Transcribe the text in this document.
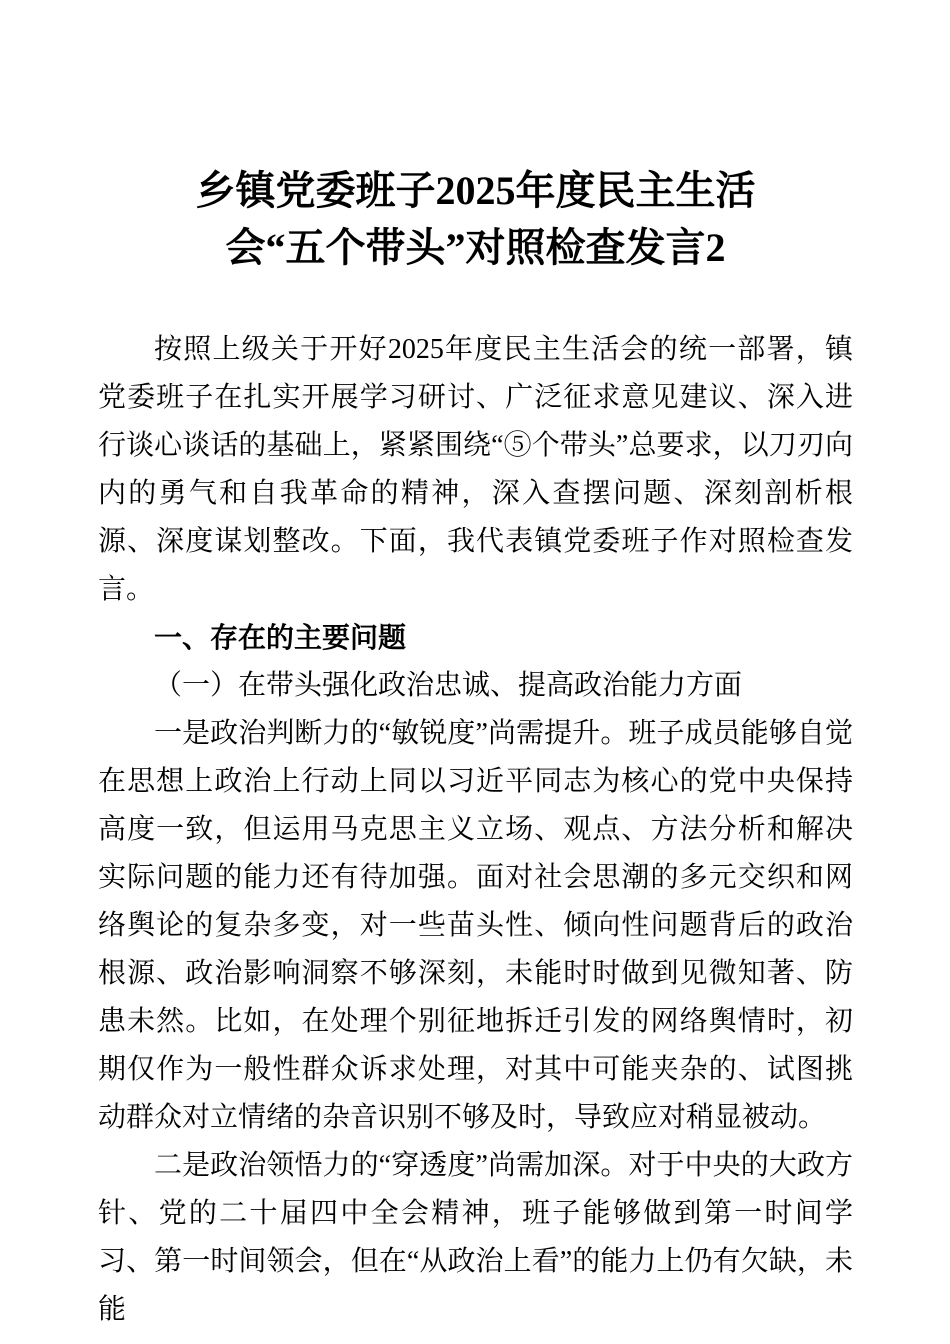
乡镇党委班子2025年度民主生活
会“五个带头”对照检查发言2

按照上级关于开好2025年度民主生活会的统一部署，镇党委班子在扎实开展学习研讨、广泛征求意见建议、深入进行谈心谈话的基础上，紧紧围绕“⑤个带头”总要求，以刀刃向内的勇气和自我革命的精神，深入查摆问题、深刻剖析根源、深度谋划整改。下面，我代表镇党委班子作对照检查发言。

一、存在的主要问题
（一）在带头强化政治忠诚、提高政治能力方面

一是政治判断力的“敏锐度”尚需提升。班子成员能够自觉在思想上政治上行动上同以习近平同志为核心的党中央保持高度一致，但运用马克思主义立场、观点、方法分析和解决实际问题的能力还有待加强。面对社会思潮的多元交织和网络舆论的复杂多变，对一些苗头性、倾向性问题背后的政治根源、政治影响洞察不够深刻，未能时时做到见微知著、防患未然。比如，在处理个别征地拆迁引发的网络舆情时，初期仅作为一般性群众诉求处理，对其中可能夹杂的、试图挑动群众对立情绪的杂音识别不够及时，导致应对稍显被动。

二是政治领悟力的“穿透度”尚需加深。对于中央的大政方针、党的二十届四中全会精神，班子能够做到第一时间学习、第一时间领会，但在“从政治上看”的能力上仍有欠缺，未能
